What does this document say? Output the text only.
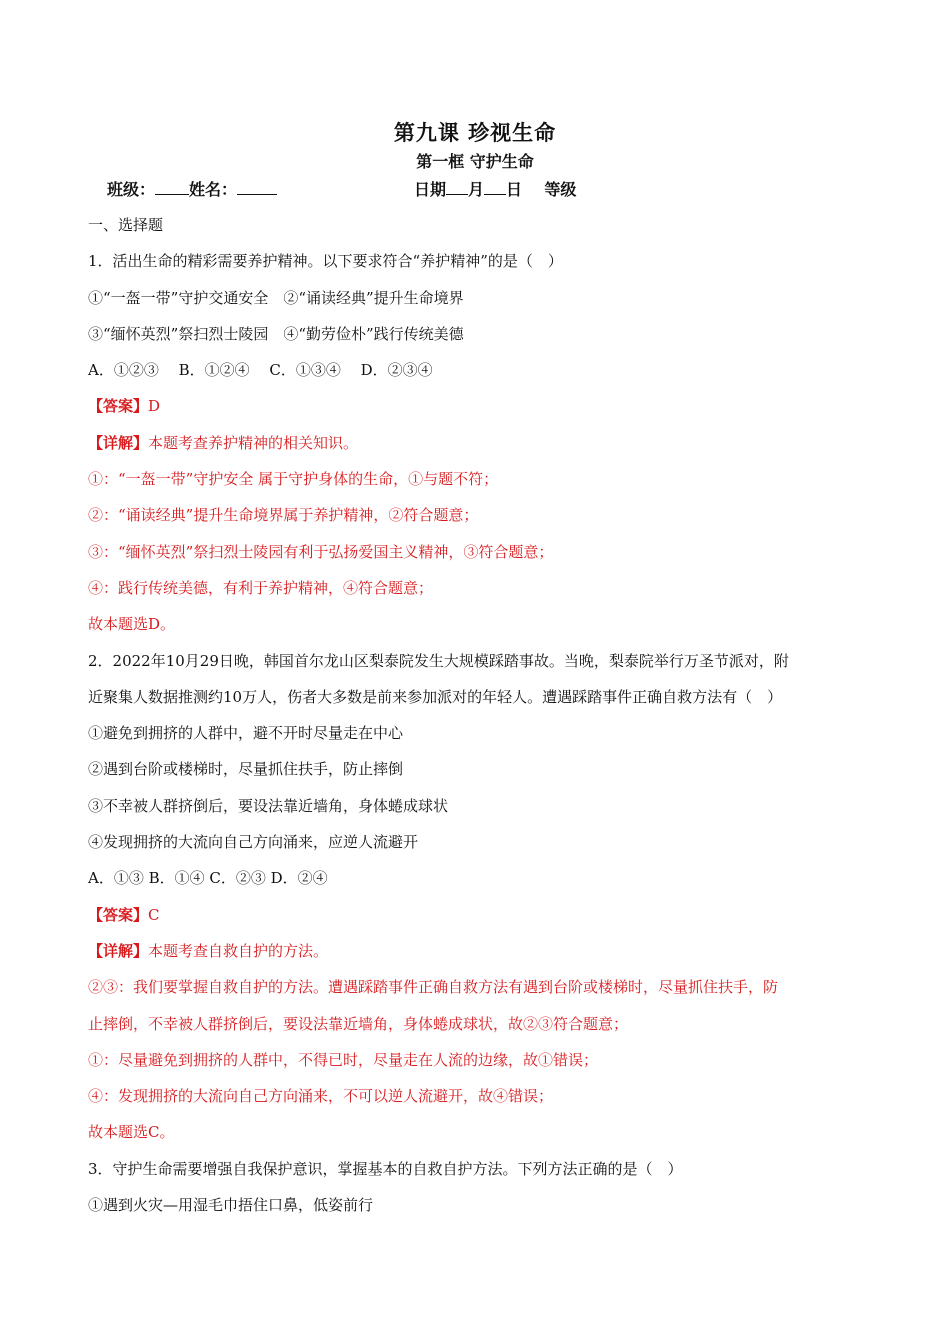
第九课 珍视生命
第一框 守护生命
班级： 姓名：	日期 月 日 等级
一、选择题
1．活出生命的精彩需要养护精神。以下要求符合“养护精神”的是（　）
①“一盔一带”守护交通安全　②“诵读经典”提升生命境界
③“缅怀英烈”祭扫烈士陵园　④“勤劳俭朴”践行传统美德
A．①②③　 B．①②④　 C．①③④　 D．②③④
【答案】D
【详解】本题考查养护精神的相关知识。
①：“一盔一带”守护安全 属于守护身体的生命，①与题不符；
②：“诵读经典”提升生命境界属于养护精神，②符合题意；
③：“缅怀英烈”祭扫烈士陵园有利于弘扬爱国主义精神，③符合题意；
④：践行传统美德，有利于养护精神，④符合题意；
故本题选D。
2．2022年10月29日晚，韩国首尔龙山区梨泰院发生大规模踩踏事故。当晚，梨泰院举行万圣节派对，附
近聚集人数据推测约10万人，伤者大多数是前来参加派对的年轻人。遭遇踩踏事件正确自救方法有（　）
①避免到拥挤的人群中，避不开时尽量走在中心
②遇到台阶或楼梯时，尽量抓住扶手，防止摔倒
③不幸被人群挤倒后，要设法靠近墙角，身体蜷成球状
④发现拥挤的大流向自己方向涌来，应逆人流避开
A．①③ B．①④ C．②③ D．②④
【答案】C
【详解】本题考查自救自护的方法。
②③：我们要掌握自救自护的方法。遭遇踩踏事件正确自救方法有遇到台阶或楼梯时，尽量抓住扶手，防
止摔倒，不幸被人群挤倒后，要设法靠近墙角，身体蜷成球状，故②③符合题意；
①：尽量避免到拥挤的人群中，不得已时，尽量走在人流的边缘，故①错误；
④：发现拥挤的大流向自己方向涌来，不可以逆人流避开，故④错误；
故本题选C。
3．守护生命需要增强自我保护意识，掌握基本的自救自护方法。下列方法正确的是（　）
①遇到火灾—用湿毛巾捂住口鼻，低姿前行
